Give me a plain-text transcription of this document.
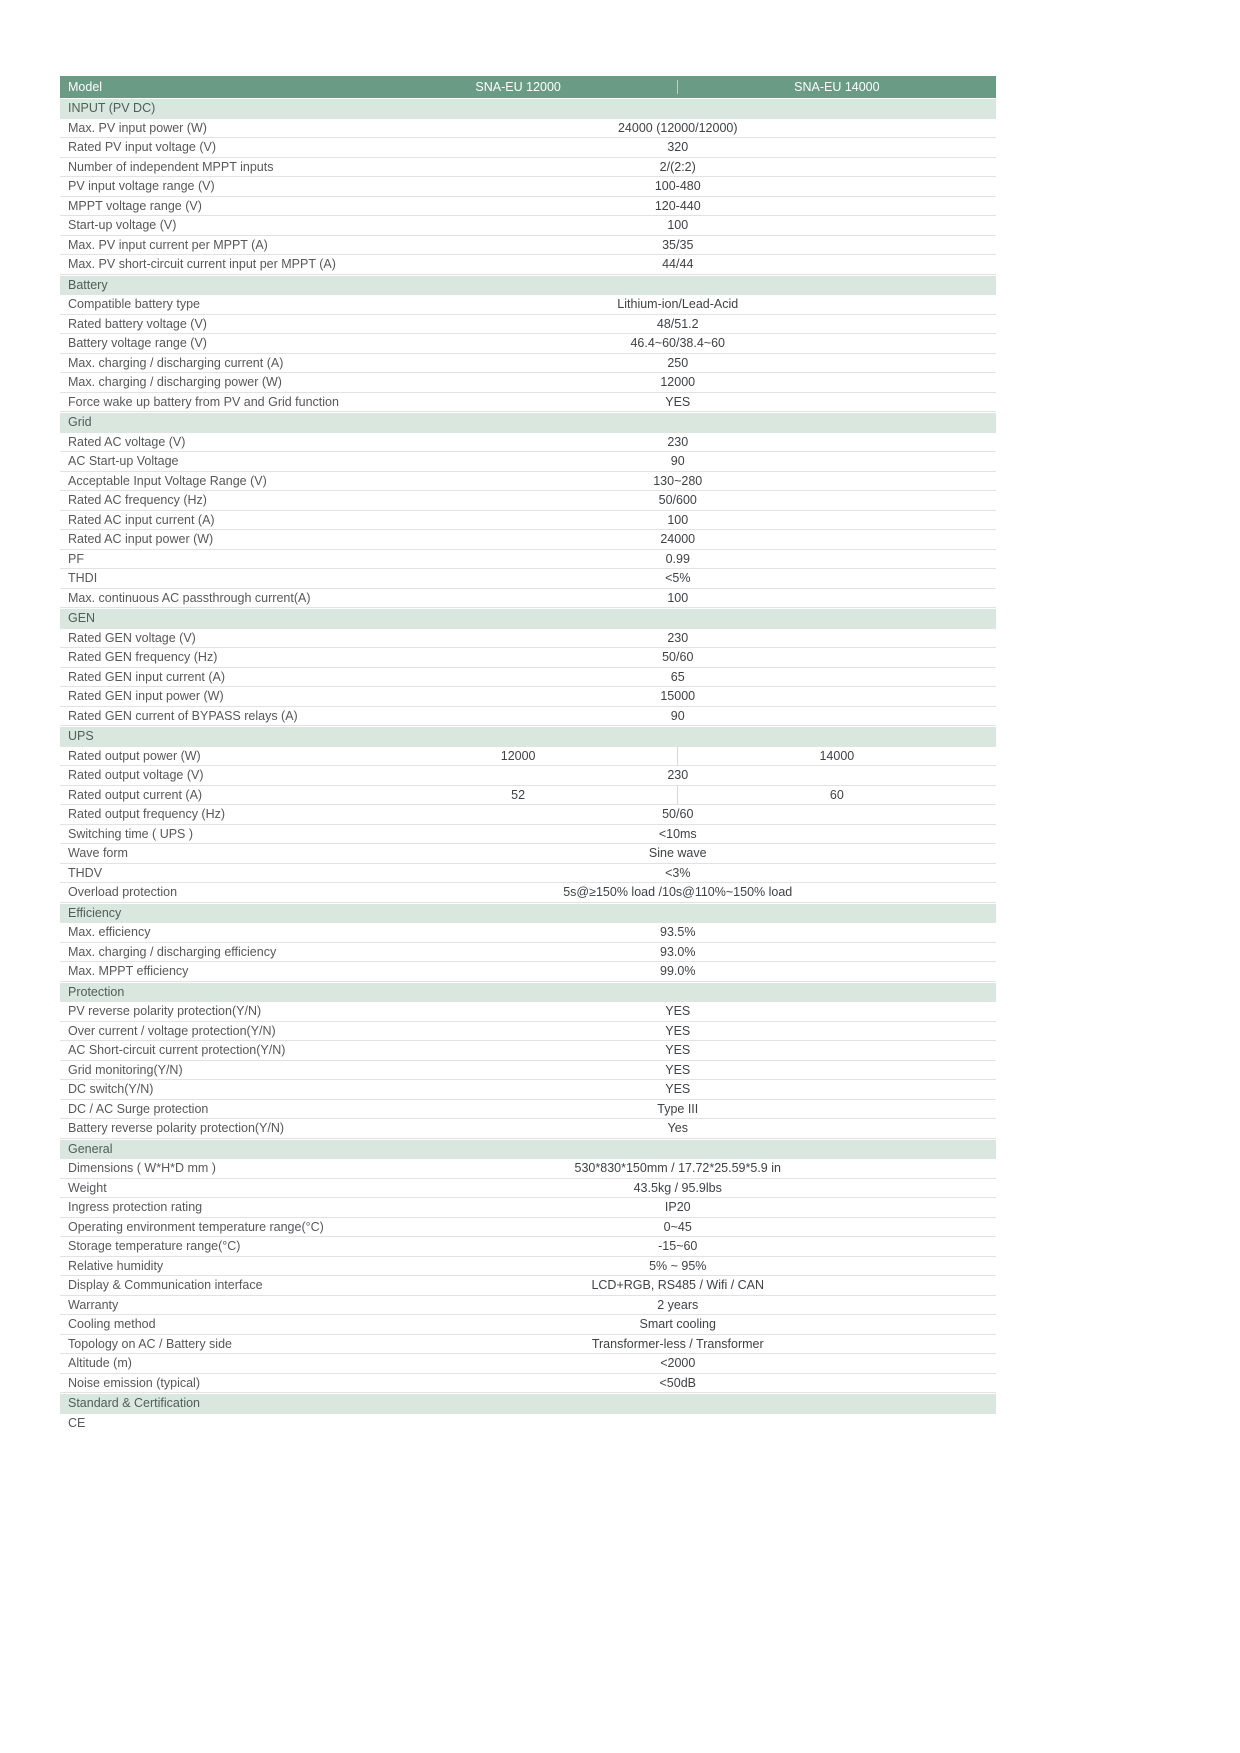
Model	SNA-EU 12000	SNA-EU 14000
INPUT (PV DC)
Max. PV input power (W)	24000 (12000/12000)
Rated PV input voltage (V)	320
Number of independent MPPT inputs	2/(2:2)
PV input voltage range (V)	100-480
MPPT voltage range (V)	120-440
Start-up voltage (V)	100
Max. PV input current per MPPT (A)	35/35
Max. PV short-circuit current input per MPPT (A)	44/44
Battery
Compatible battery type	Lithium-ion/Lead-Acid
Rated battery voltage (V)	48/51.2
Battery voltage range (V)	46.4~60/38.4~60
Max. charging / discharging current (A)	250
Max. charging / discharging power (W)	12000
Force wake up battery from PV and Grid function	YES
Grid
Rated AC voltage (V)	230
AC Start-up Voltage	90
Acceptable Input Voltage Range (V)	130~280
Rated AC frequency (Hz)	50/600
Rated AC input current (A)	100
Rated AC input power (W)	24000
PF	0.99
THDI	<5%
Max. continuous AC passthrough current(A)	100
GEN
Rated GEN voltage (V)	230
Rated GEN frequency (Hz)	50/60
Rated GEN input current (A)	65
Rated GEN input power (W)	15000
Rated GEN current of BYPASS relays (A)	90
UPS
Rated output power (W)	12000	14000
Rated output voltage (V)	230
Rated output current (A)	52	60
Rated output frequency (Hz)	50/60
Switching time ( UPS )	<10ms
Wave form	Sine wave
THDV	<3%
Overload protection	5s@≥150% load /10s@110%~150% load
Efficiency
Max. efficiency	93.5%
Max. charging / discharging efficiency	93.0%
Max. MPPT efficiency	99.0%
Protection
PV reverse polarity protection(Y/N)	YES
Over current / voltage protection(Y/N)	YES
AC Short-circuit current protection(Y/N)	YES
Grid monitoring(Y/N)	YES
DC switch(Y/N)	YES
DC / AC Surge protection	Type III
Battery reverse polarity protection(Y/N)	Yes
General
Dimensions ( W*H*D mm )	530*830*150mm / 17.72*25.59*5.9 in
Weight	43.5kg / 95.9lbs
Ingress protection rating	IP20
Operating environment temperature range(°C)	0~45
Storage temperature range(°C)	-15~60
Relative humidity	5% ~ 95%
Display & Communication interface	LCD+RGB, RS485 / Wifi / CAN
Warranty	2 years
Cooling method	Smart cooling
Topology on AC / Battery side	Transformer-less / Transformer
Altitude (m)	<2000
Noise emission (typical)	<50dB
Standard & Certification
CE
